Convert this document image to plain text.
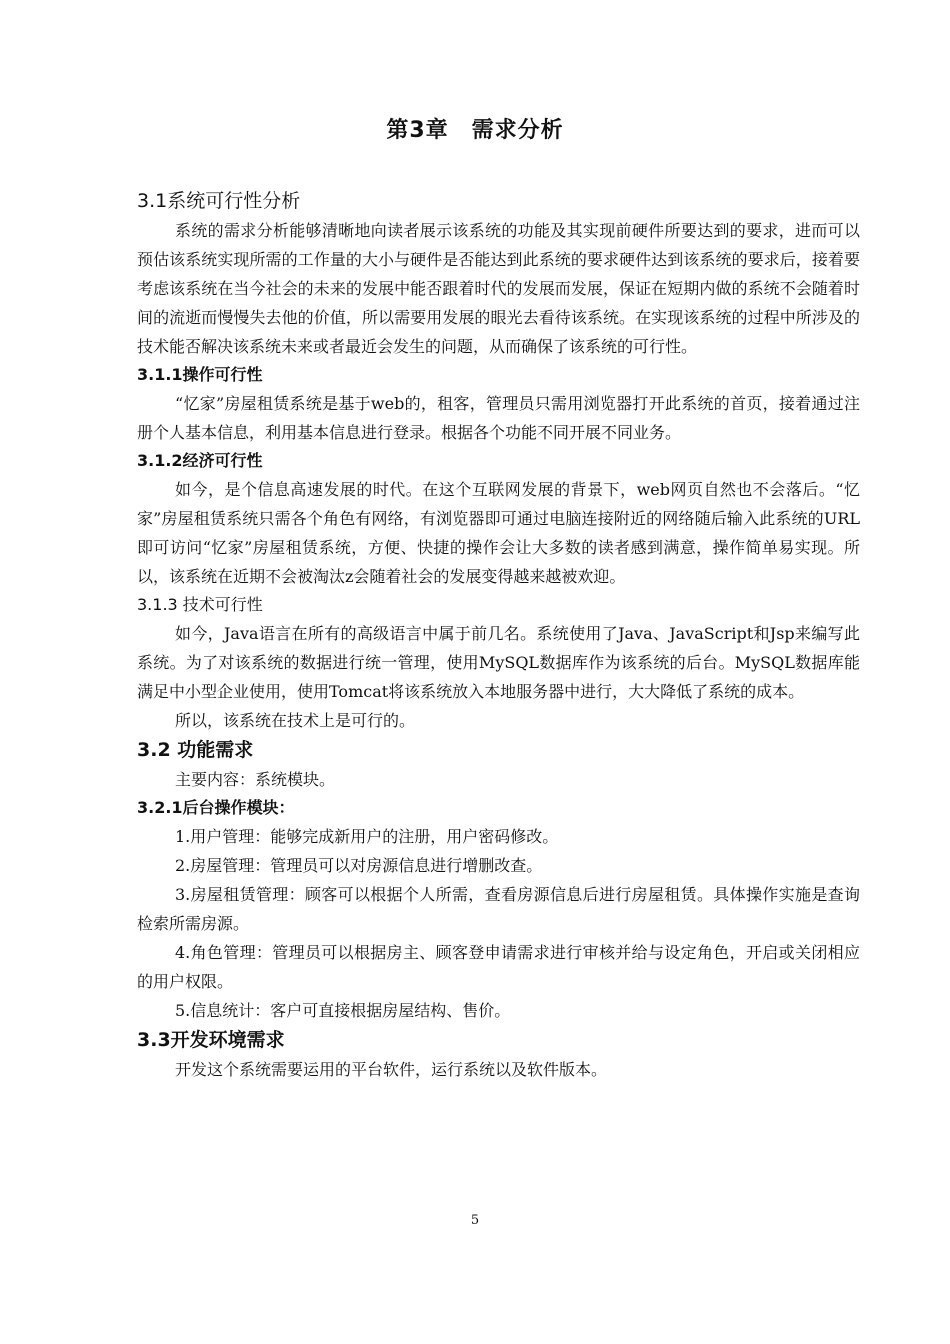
第3章　需求分析
3.1系统可行性分析

系统的需求分析能够清晰地向读者展示该系统的功能及其实现前硬件所要达到的要求，进而可以预估该系统实现所需的工作量的大小与硬件是否能达到此系统的要求硬件达到该系统的要求后，接着要考虑该系统在当今社会的未来的发展中能否跟着时代的发展而发展，保证在短期内做的系统不会随着时间的流逝而慢慢失去他的价值，所以需要用发展的眼光去看待该系统。在实现该系统的过程中所涉及的技术能否解决该系统未来或者最近会发生的问题，从而确保了该系统的可行性。

3.1.1操作可行性

“忆家”房屋租赁系统是基于web的，租客，管理员只需用浏览器打开此系统的首页，接着通过注册个人基本信息，利用基本信息进行登录。根据各个功能不同开展不同业务。

3.1.2经济可行性

如今，是个信息高速发展的时代。在这个互联网发展的背景下，web网页自然也不会落后。“忆家”房屋租赁系统只需各个角色有网络，有浏览器即可通过电脑连接附近的网络随后输入此系统的URL即可访问“忆家”房屋租赁系统，方便、快捷的操作会让大多数的读者感到满意，操作简单易实现。所以，该系统在近期不会被淘汰z会随着社会的发展变得越来越被欢迎。

3.1.3 技术可行性

如今，Java语言在所有的高级语言中属于前几名。系统使用了Java、JavaScript和Jsp来编写此系统。为了对该系统的数据进行统一管理，使用MySQL数据库作为该系统的后台。MySQL数据库能满足中小型企业使用，使用Tomcat将该系统放入本地服务器中进行，大大降低了系统的成本。

所以，该系统在技术上是可行的。

3.2 功能需求

主要内容：系统模块。

3.2.1后台操作模块：

1.用户管理：能够完成新用户的注册，用户密码修改。

2.房屋管理：管理员可以对房源信息进行增删改查。

3.房屋租赁管理：顾客可以根据个人所需，查看房源信息后进行房屋租赁。具体操作实施是查询检索所需房源。

4.角色管理：管理员可以根据房主、顾客登申请需求进行审核并给与设定角色，开启或关闭相应的用户权限。

5.信息统计：客户可直接根据房屋结构、售价。

3.3开发环境需求

开发这个系统需要运用的平台软件，运行系统以及软件版本。

5
